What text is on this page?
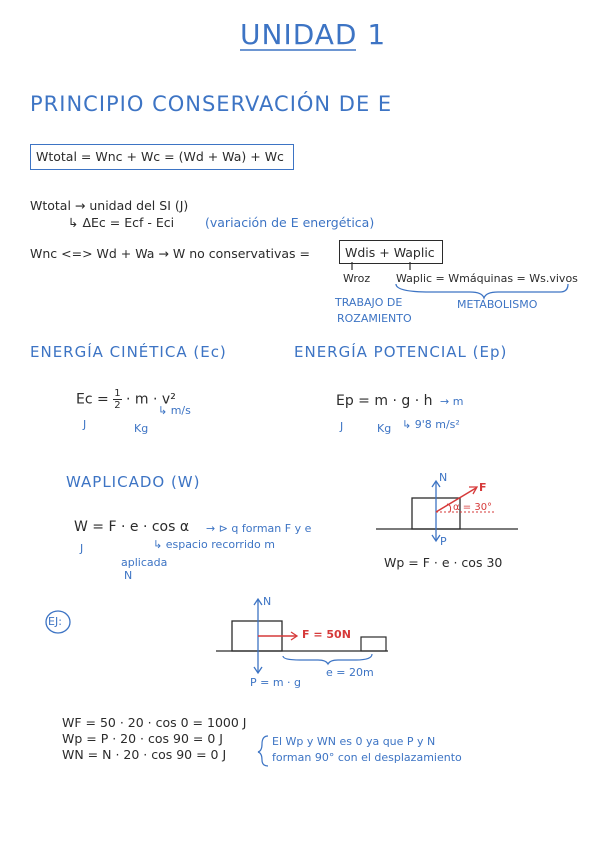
UNIDAD 1
PRINCIPIO CONSERVACIÓN DE E
Wtotal = Wnc + Wc = (Wd + Wa) + Wc
Wtotal → unidad del SI (J)
↳ ΔEc = Ecf - Eci (variación de E energética)
Wnc <=> Wd + Wa → W no conservativas =	Wdis + Waplic
Wroz Waplic = Wmáquinas = Ws.vivos
TRABAJO DE
ROZAMIENTO
METABOLISMO
ENERGÍA CINÉTICA (Ec)
$Ec = \frac{1}{2} \cdot m \cdot v^2$
J	Kg
↳ m/s
ENERGÍA POTENCIAL (Ep)
Ep = m · g · h → m
J	Kg ↳ 9'8 m/s²
WAPLICADO (W)
W = F · e · cos α → ⊳ q forman F y e
↳ espacio recorrido m
J
aplicada
N
N
F
α = 30°
P
Wp = F · e · cos 30
EJ:
N
F = 50N
P = m · g
e = 20m
WF = 50 · 20 · cos 0 = 1000 J
Wp = P · 20 · cos 90 = 0 J
WN = N · 20 · cos 90 = 0 J
El Wp y WN es 0 ya que P y N
forman 90° con el desplazamiento
